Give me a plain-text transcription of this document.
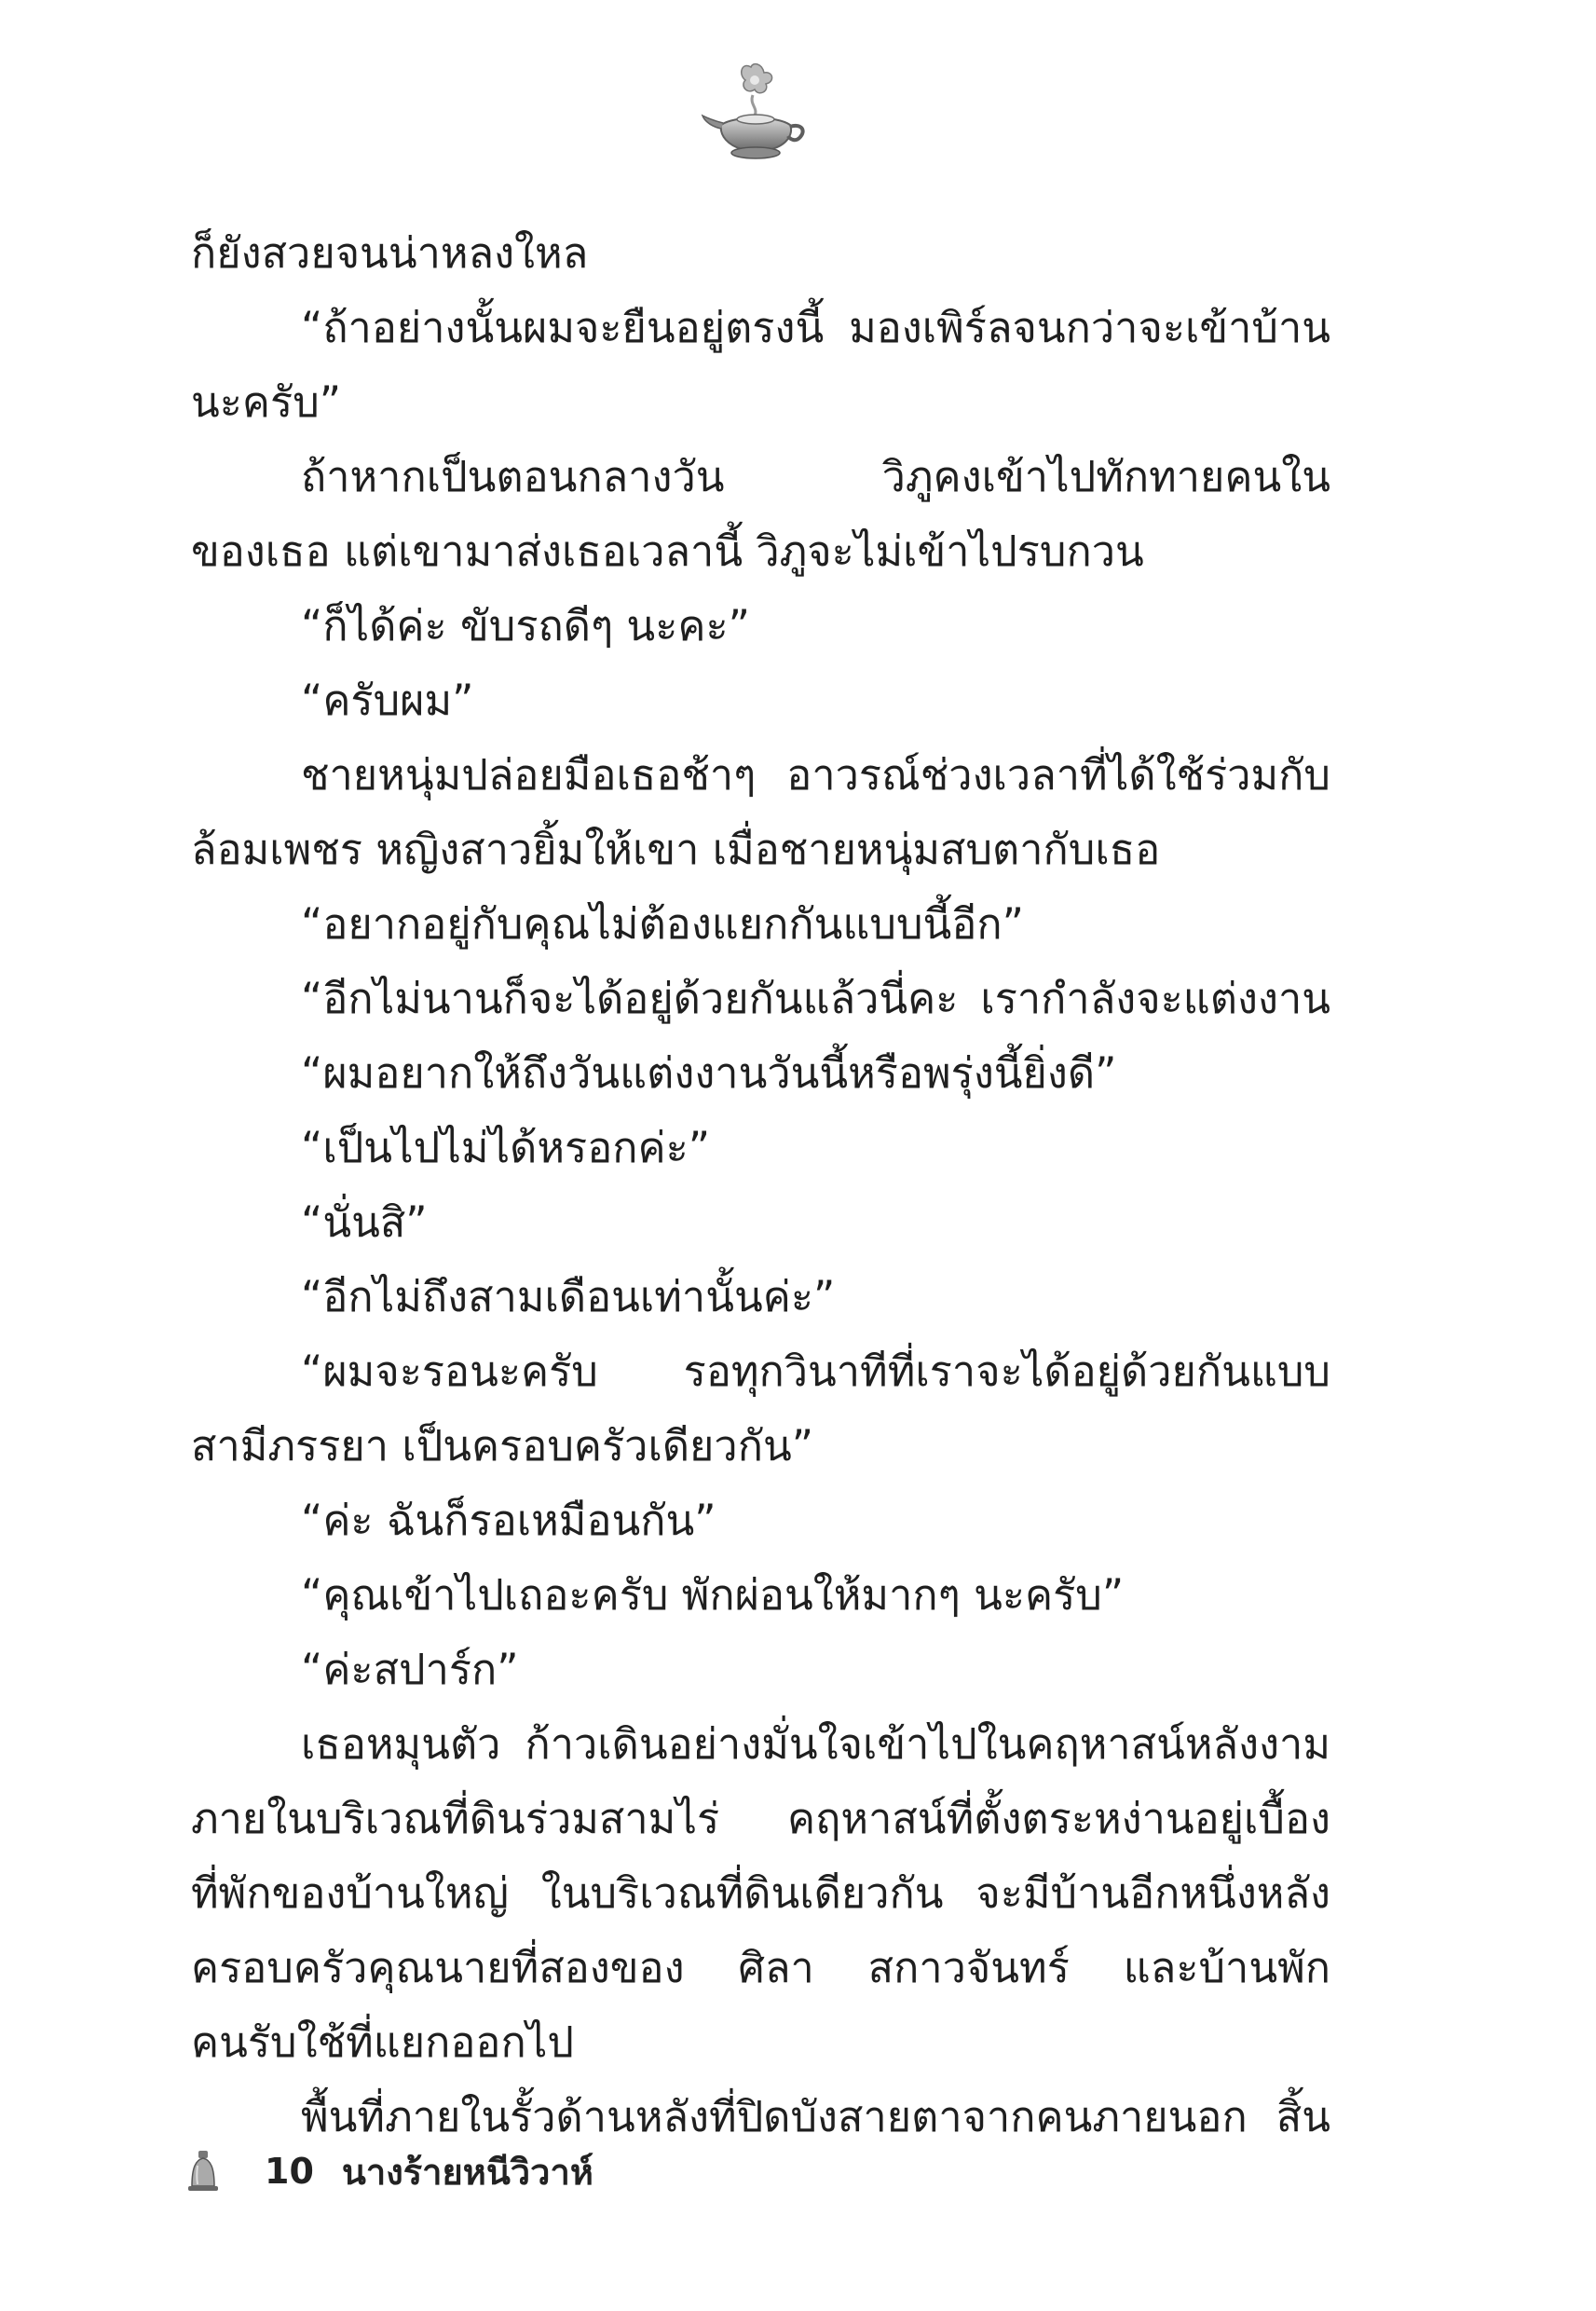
ก็ยังสวยจนน่าหลงใหล
“ถ้าอย่างนั้นผมจะยืนอยู่ตรงนี้ มองเพิร์ลจนกว่าจะเข้าบ้าน
นะครับ”
ถ้าหากเป็นตอนกลางวัน วิภูคงเข้าไปทักทายคนใน
ของเธอ แต่เขามาส่งเธอเวลานี้ วิภูจะไม่เข้าไปรบกวน
“ก็ได้ค่ะ ขับรถดีๆ นะคะ”
“ครับผม”
ชายหนุ่มปล่อยมือเธอช้าๆ อาวรณ์ช่วงเวลาที่ได้ใช้ร่วมกับ
ล้อมเพชร หญิงสาวยิ้มให้เขา เมื่อชายหนุ่มสบตากับเธอ
“อยากอยู่กับคุณไม่ต้องแยกกันแบบนี้อีก”
“อีกไม่นานก็จะได้อยู่ด้วยกันแล้วนี่คะ เรากำลังจะแต่งงาน
“ผมอยากให้ถึงวันแต่งงานวันนี้หรือพรุ่งนี้ยิ่งดี”
“เป็นไปไม่ได้หรอกค่ะ”
“นั่นสิ”
“อีกไม่ถึงสามเดือนเท่านั้นค่ะ”
“ผมจะรอนะครับ รอทุกวินาทีที่เราจะได้อยู่ด้วยกันแบบ
สามีภรรยา เป็นครอบครัวเดียวกัน”
“ค่ะ ฉันก็รอเหมือนกัน”
“คุณเข้าไปเถอะครับ พักผ่อนให้มากๆ นะครับ”
“ค่ะสปาร์ก”
เธอหมุนตัว ก้าวเดินอย่างมั่นใจเข้าไปในคฤหาสน์หลังงาม
ภายในบริเวณที่ดินร่วมสามไร่ คฤหาสน์ที่ตั้งตระหง่านอยู่เบื้อง
ที่พักของบ้านใหญ่ ในบริเวณที่ดินเดียวกัน จะมีบ้านอีกหนึ่งหลัง
ครอบครัวคุณนายที่สองของ ศิลา สกาวจันทร์ และบ้านพัก
คนรับใช้ที่แยกออกไป
พื้นที่ภายในรั้วด้านหลังที่ปิดบังสายตาจากคนภายนอก สิ้น
10 นางร้ายหนีวิวาห์
